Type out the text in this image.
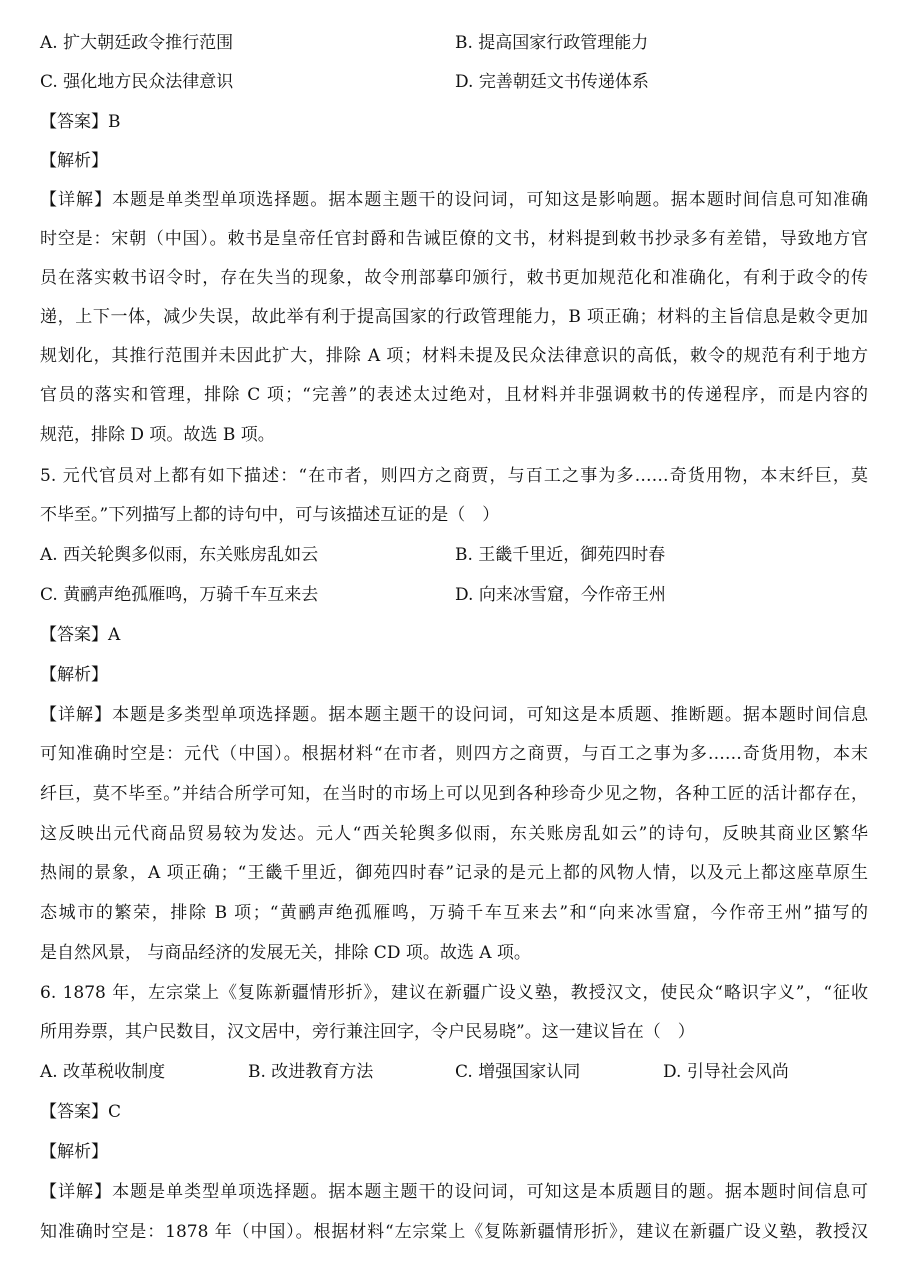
A. 扩大朝廷政令推行范围	B. 提高国家行政管理能力
C. 强化地方民众法律意识	D. 完善朝廷文书传递体系
【答案】B
【解析】
【详解】本题是单类型单项选择题。据本题主题干的设问词，可知这是影响题。据本题时间信息可知准确
时空是：宋朝（中国）。敕书是皇帝任官封爵和告诫臣僚的文书，材料提到敕书抄录多有差错，导致地方官
员在落实敕书诏令时，存在失当的现象，故令刑部摹印颁行，敕书更加规范化和准确化，有利于政令的传
递，上下一体，减少失误，故此举有利于提高国家的行政管理能力，B 项正确；材料的主旨信息是敕令更加
规划化，其推行范围并未因此扩大，排除 A 项；材料未提及民众法律意识的高低，敕令的规范有利于地方
官员的落实和管理，排除 C 项；“完善”的表述太过绝对，且材料并非强调敕书的传递程序，而是内容的
规范，排除 D 项。故选 B 项。
5. 元代官员对上都有如下描述：“在市者，则四方之商贾，与百工之事为多……奇货用物，本末纤巨，莫
不毕至。”下列描写上都的诗句中，可与该描述互证的是（　）
A. 西关轮舆多似雨，东关账房乱如云	B. 王畿千里近，御苑四时春
C. 黄鹂声绝孤雁鸣，万骑千车互来去	D. 向来冰雪窟，今作帝王州
【答案】A
【解析】
【详解】本题是多类型单项选择题。据本题主题干的设问词，可知这是本质题、推断题。据本题时间信息
可知准确时空是：元代（中国）。根据材料“在市者，则四方之商贾，与百工之事为多……奇货用物，本末
纤巨，莫不毕至。”并结合所学可知，在当时的市场上可以见到各种珍奇少见之物，各种工匠的活计都存在，
这反映出元代商品贸易较为发达。元人“西关轮舆多似雨，东关账房乱如云”的诗句，反映其商业区繁华
热闹的景象，A 项正确；“王畿千里近，御苑四时春”记录的是元上都的风物人情，以及元上都这座草原生
态城市的繁荣，排除 B 项；“黄鹂声绝孤雁鸣，万骑千车互来去”和“向来冰雪窟，今作帝王州”描写的
是自然风景， 与商品经济的发展无关，排除 CD 项。故选 A 项。
6. 1878 年，左宗棠上《复陈新疆情形折》，建议在新疆广设义塾，教授汉文，使民众“略识字义”，“征收
所用券票，其户民数目，汉文居中，旁行兼注回字，令户民易晓”。这一建议旨在（　）
A. 改革税收制度	B. 改进教育方法	C. 增强国家认同	D. 引导社会风尚
【答案】C
【解析】
【详解】本题是单类型单项选择题。据本题主题干的设问词，可知这是本质题目的题。据本题时间信息可
知准确时空是：1878 年（中国）。根据材料“左宗棠上《复陈新疆情形折》，建议在新疆广设义塾，教授汉
